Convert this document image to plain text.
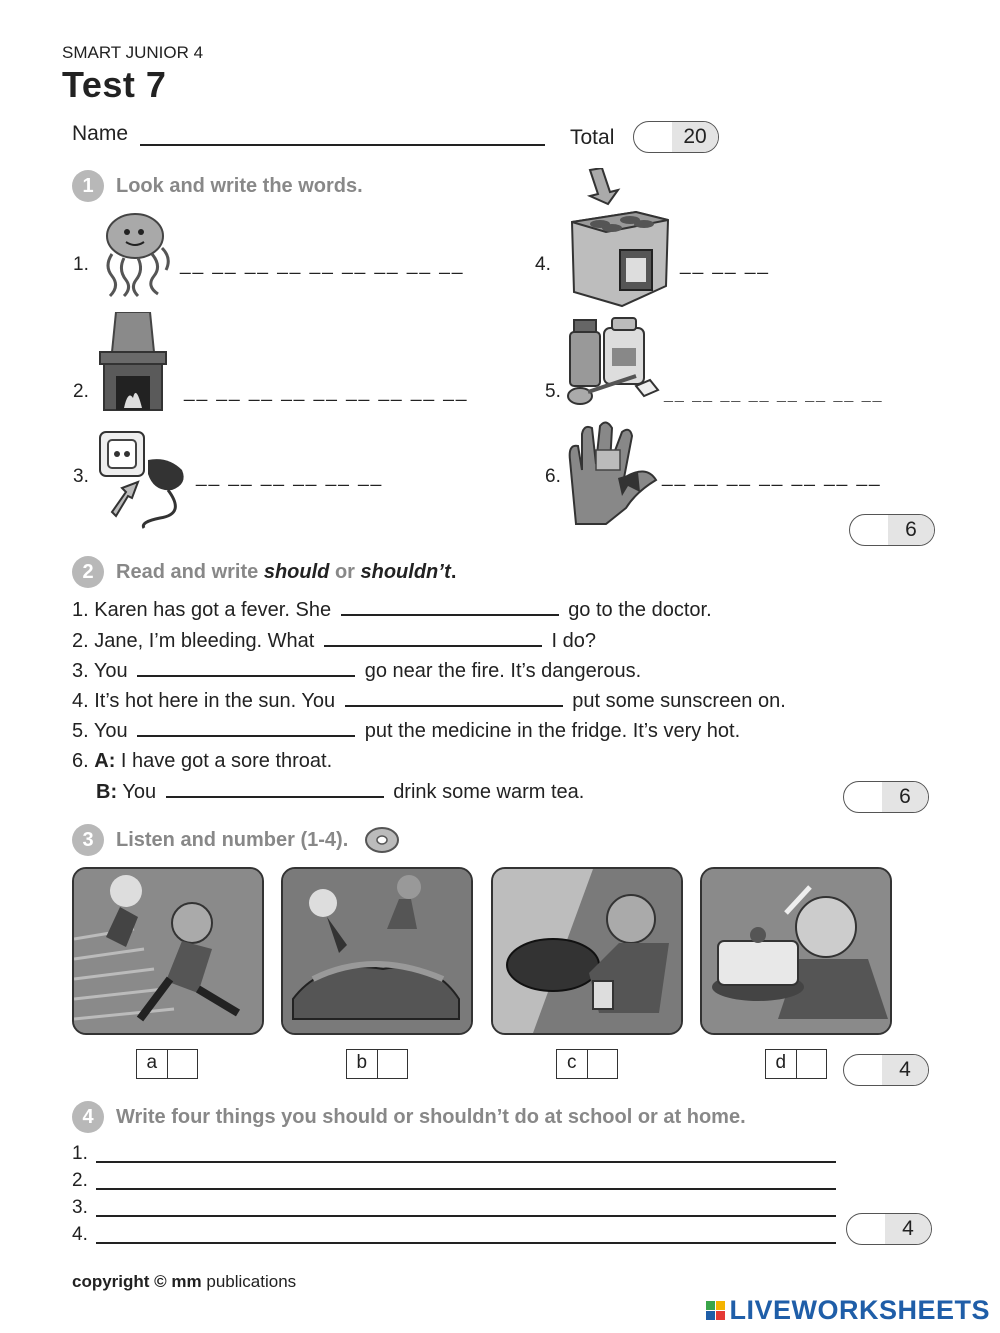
SMART JUNIOR 4
Test 7
Name	Total	20
1	Look and write the words.
1.	__ __ __ __ __ __ __ __ __
2.	__ __ __ __ __ __ __ __ __
3.	__ __ __ __ __ __
4.	__ __ __
5.	__ __ __ __ __ __ __ __
6.	__ __ __ __ __ __ __
6
2	Read and write
should
or
shouldn’t .
1. Karen has got a fever. She	go to the doctor.
2. Jane, I’m bleeding. What	I do?
3. You	go near the fire. It’s dangerous.
4. It’s hot here in the sun. You	put some sunscreen on.
5. You	put the medicine in the fridge. It’s very hot.
6. A: I have got a sore throat.
B: You	drink some warm tea.	6
3	Listen and number (1-4).
a	b	c	d	4
4	Write four things you should or shouldn’t do at school or at home.
1.
2.
3.
4.	4
copyright © mm publications
LIVEWORKSHEETS
